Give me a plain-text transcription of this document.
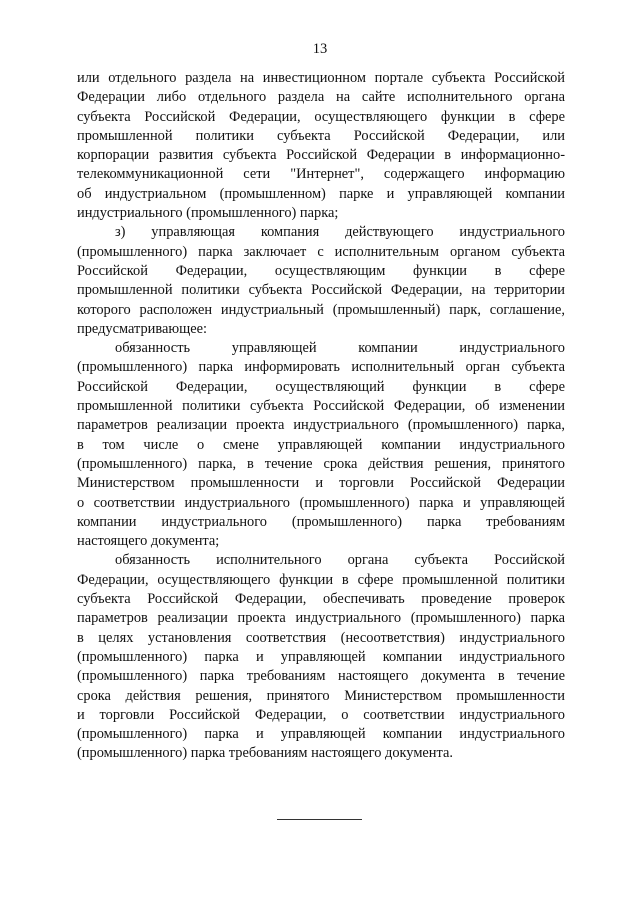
13
или отдельного раздела на инвестиционном портале субъекта Российской
Федерации либо отдельного раздела на сайте исполнительного органа
субъекта Российской Федерации, осуществляющего функции в сфере
промышленной политики субъекта Российской Федерации, или
корпорации развития субъекта Российской Федерации в информационно-
телекоммуникационной сети "Интернет", содержащего информацию
об индустриальном (промышленном) парке и управляющей компании
индустриального (промышленного) парка;
з) управляющая компания действующего индустриального
(промышленного) парка заключает с исполнительным органом субъекта
Российской Федерации, осуществляющим функции в сфере
промышленной политики субъекта Российской Федерации, на территории
которого расположен индустриальный (промышленный) парк, соглашение,
предусматривающее:
обязанность управляющей компании индустриального
(промышленного) парка информировать исполнительный орган субъекта
Российской Федерации, осуществляющий функции в сфере
промышленной политики субъекта Российской Федерации, об изменении
параметров реализации проекта индустриального (промышленного) парка,
в том числе о смене управляющей компании индустриального
(промышленного) парка, в течение срока действия решения, принятого
Министерством промышленности и торговли Российской Федерации
о соответствии индустриального (промышленного) парка и управляющей
компании индустриального (промышленного) парка требованиям
настоящего документа;
обязанность исполнительного органа субъекта Российской
Федерации, осуществляющего функции в сфере промышленной политики
субъекта Российской Федерации, обеспечивать проведение проверок
параметров реализации проекта индустриального (промышленного) парка
в целях установления соответствия (несоответствия) индустриального
(промышленного) парка и управляющей компании индустриального
(промышленного) парка требованиям настоящего документа в течение
срока действия решения, принятого Министерством промышленности
и торговли Российской Федерации, о соответствии индустриального
(промышленного) парка и управляющей компании индустриального
(промышленного) парка требованиям настоящего документа.
